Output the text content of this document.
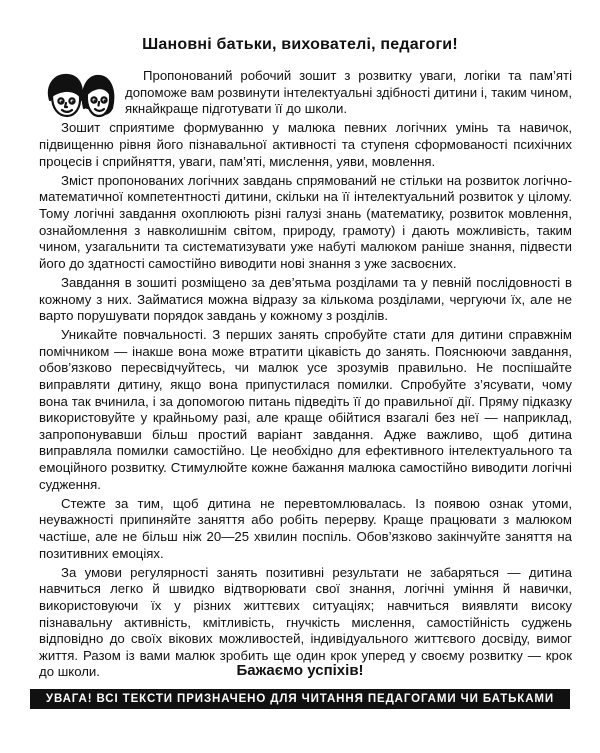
Шановні батьки, вихователі, педагоги!

Пропонований робочий зошит з розвитку уваги, логіки та пам’яті допоможе вам розвинути інтелектуальні здібності дитини і, таким чином, якнайкраще підготувати її до школи.

Зошит сприятиме формуванню у малюка певних логічних умінь та навичок, підвищенню рівня його пізнавальної активності та ступеня сформованості психічних процесів і сприйняття, уваги, пам’яті, мислення, уяви, мовлення.

Зміст пропонованих логічних завдань спрямований не стільки на розвиток логічно-математичної компетентності дитини, скільки на її інтелектуальний розвиток у цілому. Тому логічні завдання охоплюють різні галузі знань (математику, розвиток мовлення, ознайомлення з навколишнім світом, природу, грамоту) і дають можливість, таким чином, узагальнити та систематизувати уже набуті малюком раніше знання, підвести його до здатності самостійно виводити нові знання з уже засвоєних.

Завдання в зошиті розміщено за дев’ятьма розділами та у певній послідовності в кожному з них. Займатися можна відразу за кількома розділами, чергуючи їх, але не варто порушувати порядок завдань у кожному з розділів.

Уникайте повчальності. З перших занять спробуйте стати для дитини справжнім помічником — інакше вона може втратити цікавість до занять. Пояснюючи завдання, обов’язково пересвідчуйтесь, чи малюк усе зрозумів правильно. Не поспішайте виправляти дитину, якщо вона припустилася помилки. Спробуйте з’ясувати, чому вона так вчинила, і за допомогою питань підведіть її до правильної дії. Пряму підказку використовуйте у крайньому разі, але краще обійтися взагалі без неї — наприклад, запропонувавши більш простий варіант завдання. Адже важливо, щоб дитина виправляла помилки самостійно. Це необхідно для ефективного інтелектуального та емоційного розвитку. Стимулюйте кожне бажання малюка самостійно виводити логічні судження.

Стежте за тим, щоб дитина не перевтомлювалась. Із появою ознак утоми, неуважності припиняйте заняття або робіть перерву. Краще працювати з малюком частіше, але не більш ніж 20—25 хвилин поспіль. Обов’язково закінчуйте заняття на позитивних емоціях.

За умови регулярності занять позитивні результати не забаряться — дитина навчиться легко й швидко відтворювати свої знання, логічні уміння й навички, використовуючи їх у різних життєвих ситуаціях; навчиться виявляти високу пізнавальну активність, кмітливість, гнучкість мислення, самостійність суджень відповідно до своїх вікових можливостей, індивідуального життєвого досвіду, вимог життя. Разом із вами малюк зробить ще один крок уперед у своєму розвитку — крок до школи.	Бажаємо успіхів!
УВАГА! ВСІ ТЕКСТИ ПРИЗНАЧЕНО ДЛЯ ЧИТАННЯ ПЕДАГОГАМИ ЧИ БАТЬКАМИ
